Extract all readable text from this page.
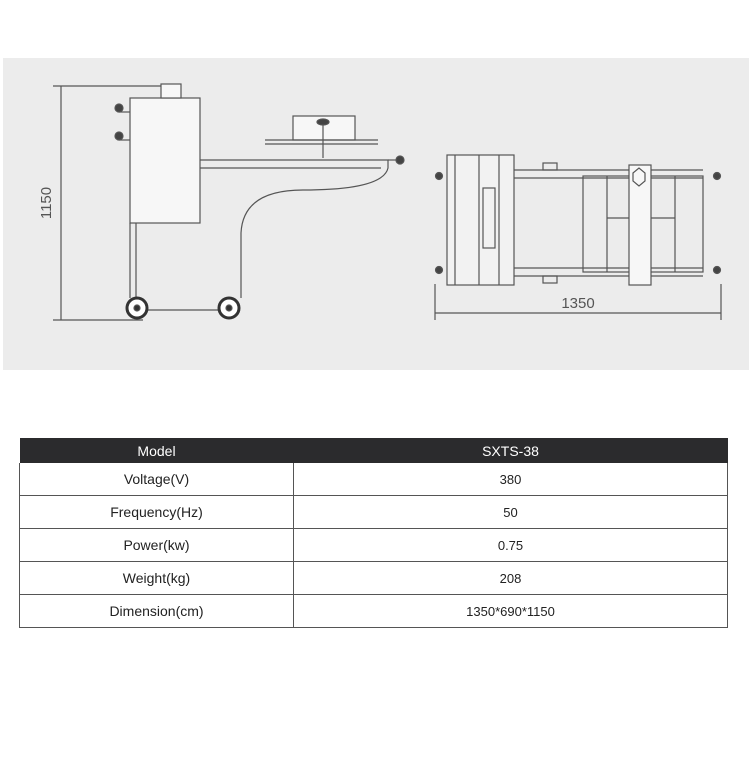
1150
1350
Model	SXTS-38
Voltage(V)	380
Frequency(Hz)	50
Power(kw)	0.75
Weight(kg)	208
Dimension(cm)	1350*690*1150
